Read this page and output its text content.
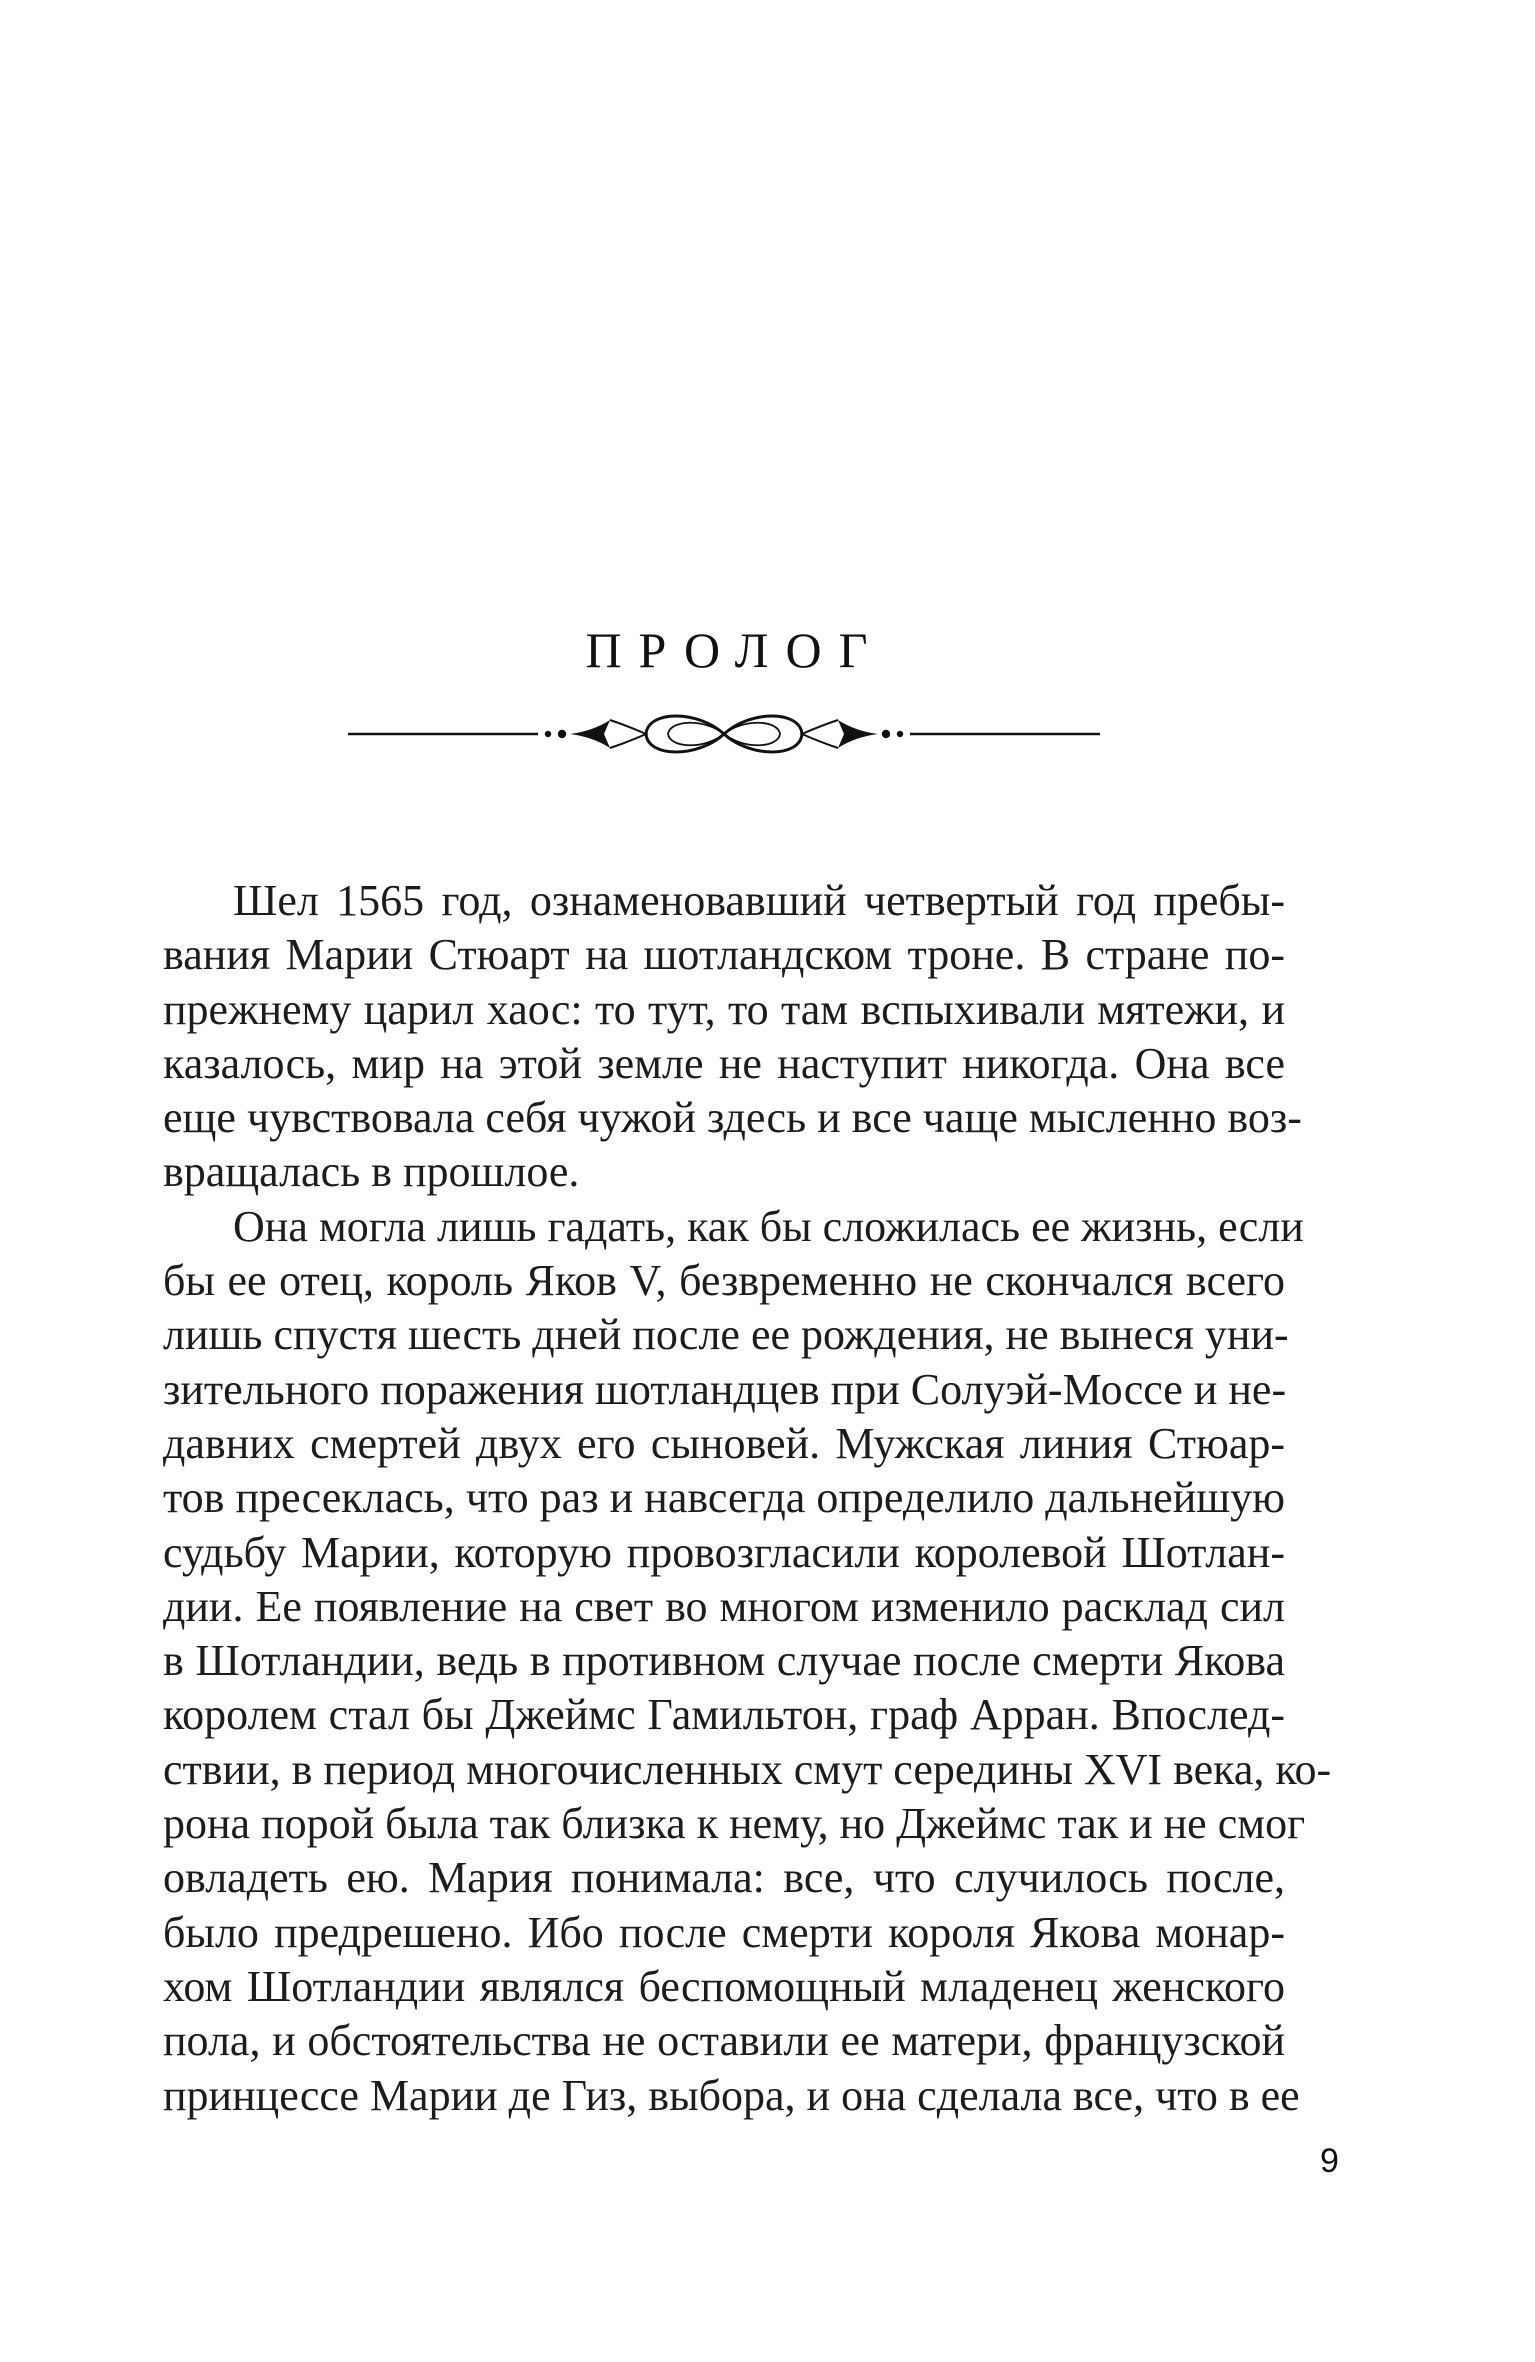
ПРОЛОГ
Шел 1565 год, ознаменовавший четвертый год пребы-
вания Марии Стюарт на шотландском троне. В стране по-
прежнему царил хаос: то тут, то там вспыхивали мятежи, и
казалось, мир на этой земле не наступит никогда. Она все
еще чувствовала себя чужой здесь и все чаще мысленно воз-
вращалась в прошлое.
Она могла лишь гадать, как бы сложилась ее жизнь, если
бы ее отец, король Яков V, безвременно не скончался всего
лишь спустя шесть дней после ее рождения, не вынеся уни-
зительного поражения шотландцев при Солуэй-Моссе и не-
давних смертей двух его сыновей. Мужская линия Стюар-
тов пресеклась, что раз и навсегда определило дальнейшую
судьбу Марии, которую провозгласили королевой Шотлан-
дии. Ее появление на свет во многом изменило расклад сил
в Шотландии, ведь в противном случае после смерти Якова
королем стал бы Джеймс Гамильтон, граф Арран. Впослед-
ствии, в период многочисленных смут середины XVI века, ко-
рона порой была так близка к нему, но Джеймс так и не смог
овладеть ею. Мария понимала: все, что случилось после,
было предрешено. Ибо после смерти короля Якова монар-
хом Шотландии являлся беспомощный младенец женского
пола, и обстоятельства не оставили ее матери, французской
принцессе Марии де Гиз, выбора, и она сделала все, что в ее
9
